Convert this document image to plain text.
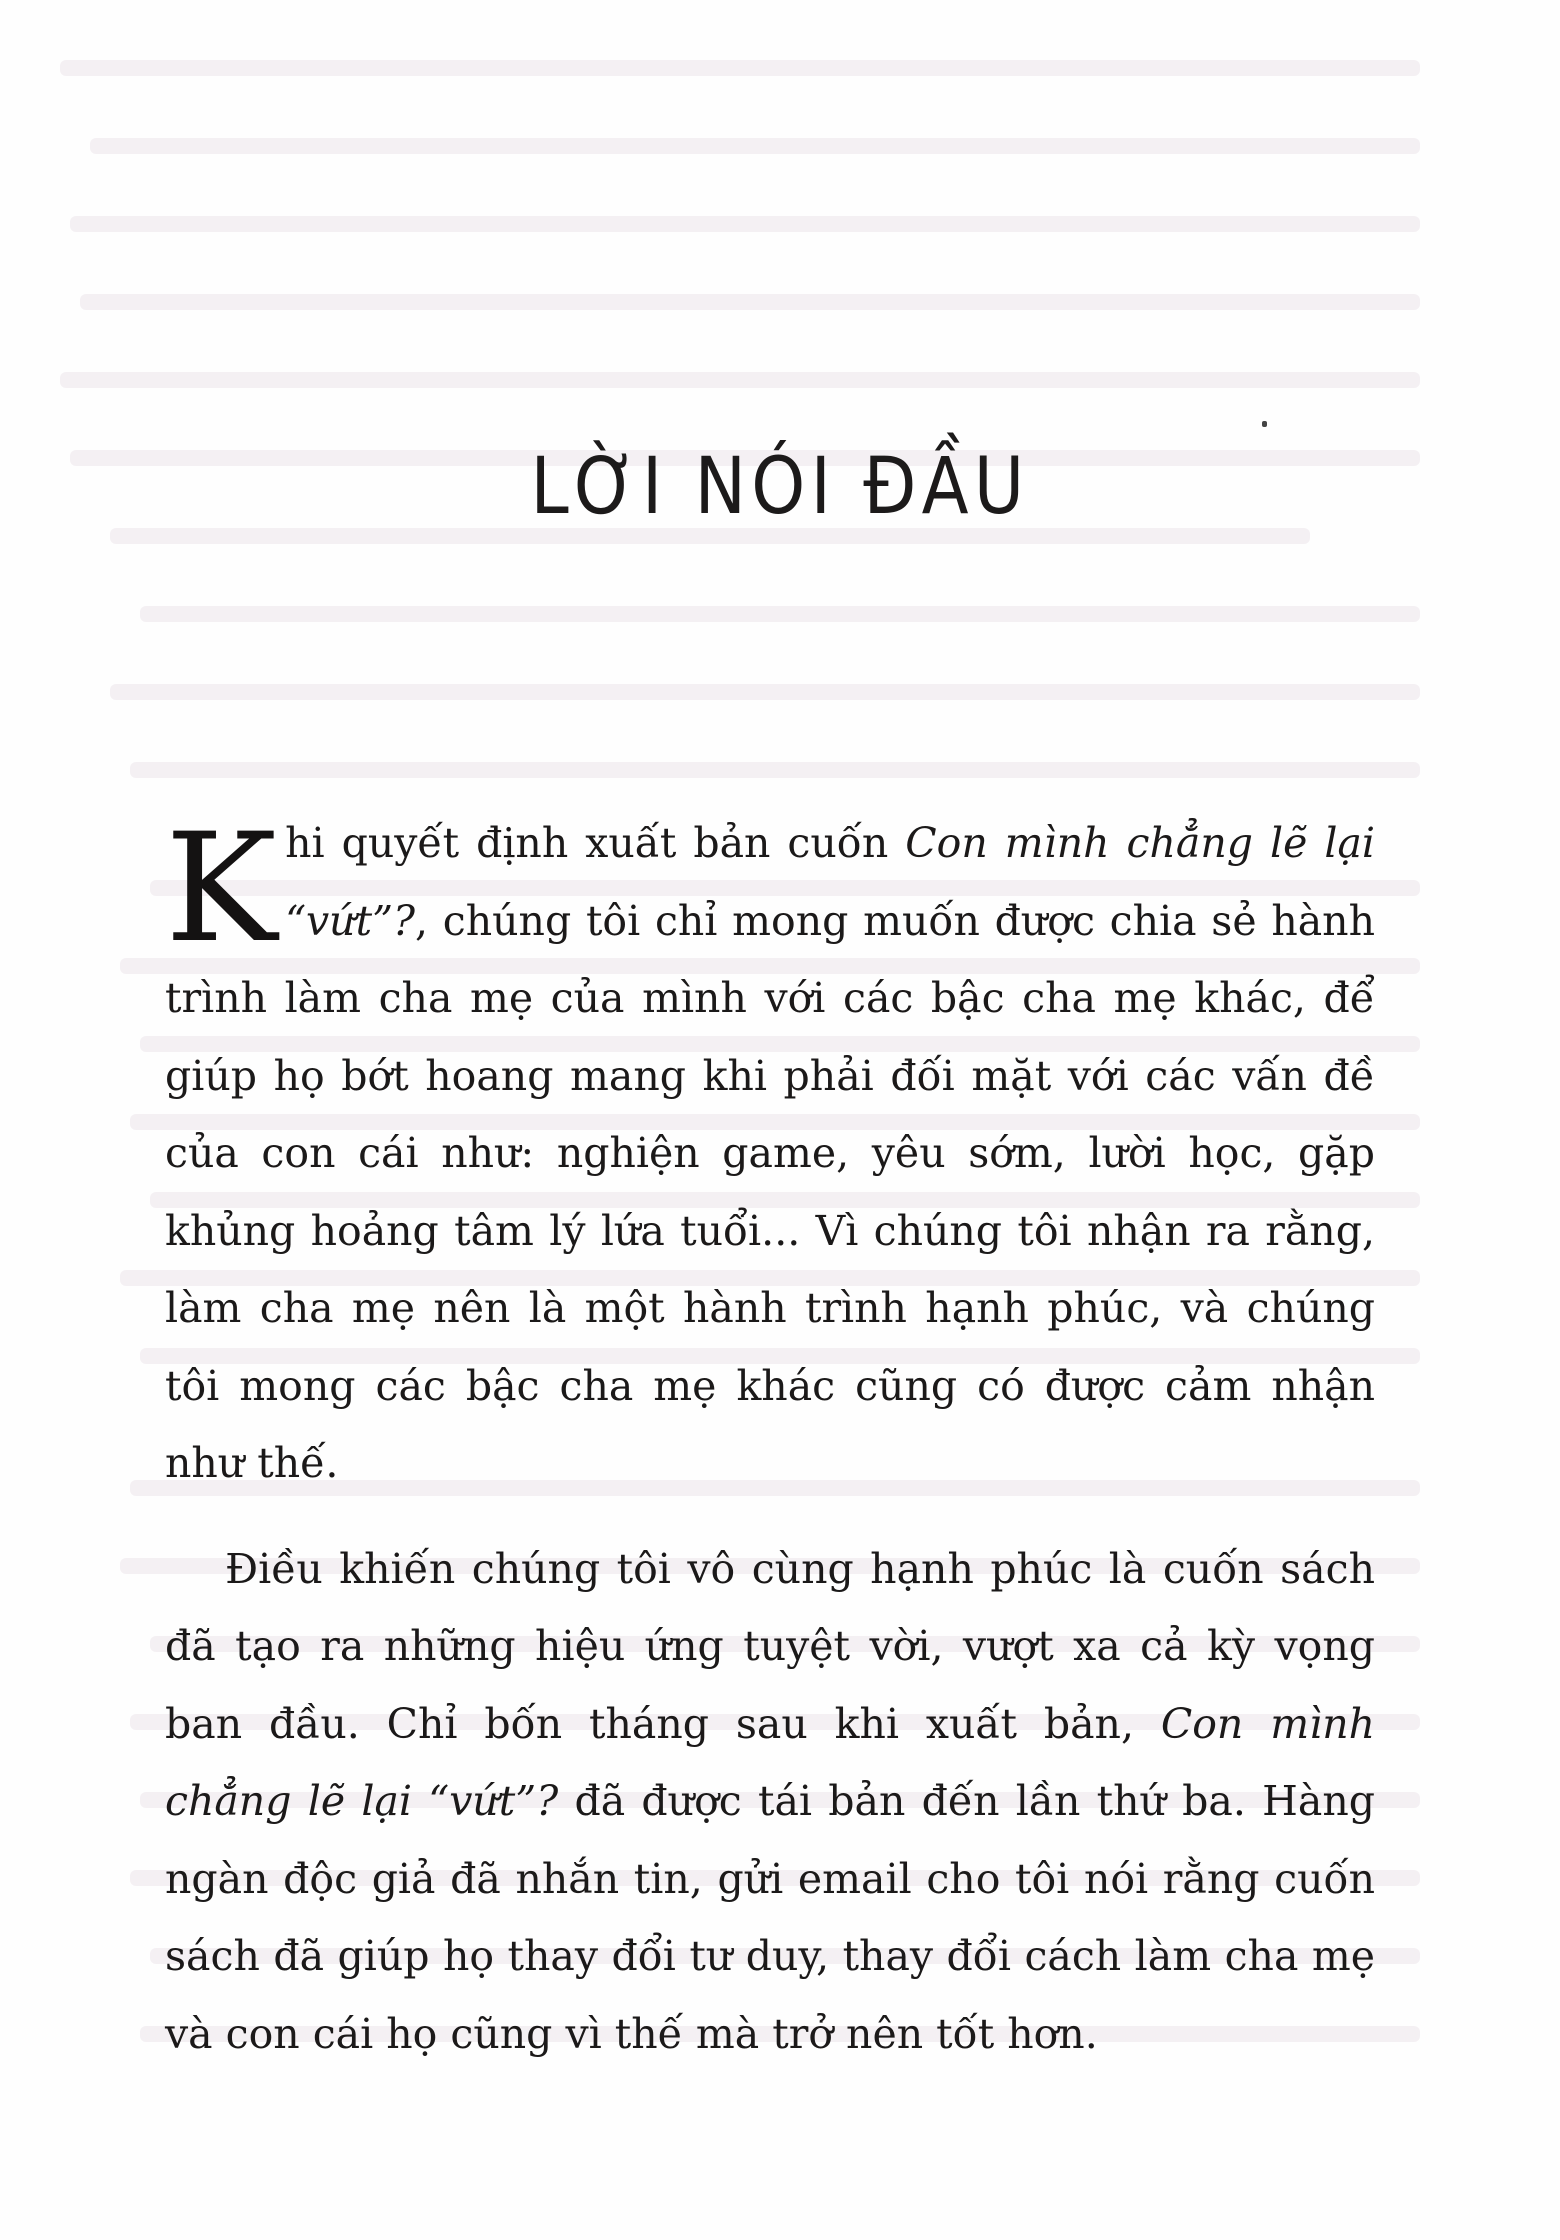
LỜI NÓI ĐẦU

Khi quyết định xuất bản cuốn Con mình chẳng lẽ lại “vứt”?, chúng tôi chỉ mong muốn được chia sẻ hành trình làm cha mẹ của mình với các bậc cha mẹ khác, để giúp họ bớt hoang mang khi phải đối mặt với các vấn đề của con cái như: nghiện game, yêu sớm, lười học, gặp khủng hoảng tâm lý lứa tuổi... Vì chúng tôi nhận ra rằng, làm cha mẹ nên là một hành trình hạnh phúc, và chúng tôi mong các bậc cha mẹ khác cũng có được cảm nhận như thế.

Điều khiến chúng tôi vô cùng hạnh phúc là cuốn sách đã tạo ra những hiệu ứng tuyệt vời, vượt xa cả kỳ vọng ban đầu. Chỉ bốn tháng sau khi xuất bản, Con mình chẳng lẽ lại “vứt”? đã được tái bản đến lần thứ ba. Hàng ngàn độc giả đã nhắn tin, gửi email cho tôi nói rằng cuốn sách đã giúp họ thay đổi tư duy, thay đổi cách làm cha mẹ và con cái họ cũng vì thế mà trở nên tốt hơn.
